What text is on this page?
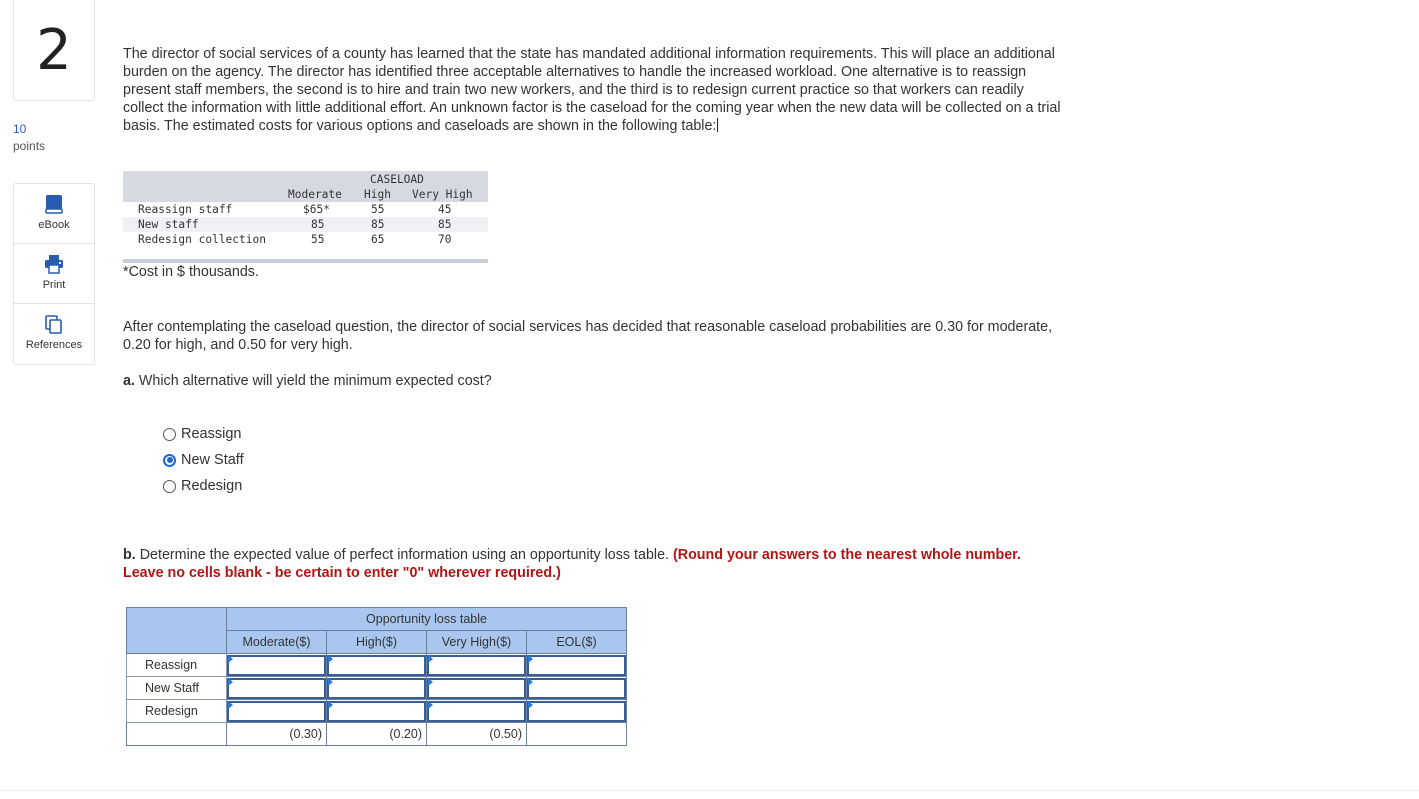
2
10
points
eBook
Print
References
The director of social services of a county has learned that the state has mandated additional information requirements. This will place an additional burden on the agency. The director has identified three acceptable alternatives to handle the increased workload. One alternative is to reassign present staff members, the second is to hire and train two new workers, and the third is to redesign current practice so that workers can readily collect the information with little additional effort. An unknown factor is the caseload for the coming year when the new data will be collected on a trial basis. The estimated costs for various options and caseloads are shown in the following table:
CASELOAD
Moderate High Very High
Reassign staff	$65*	55	45
New staff	85	85	85
Redesign collection	55	65	70
*Cost in $ thousands.
After contemplating the caseload question, the director of social services has decided that reasonable caseload probabilities are 0.30 for moderate, 0.20 for high, and 0.50 for very high.
a. Which alternative will yield the minimum expected cost?
Reassign
New Staff
Redesign
b. Determine the expected value of perfect information using an opportunity loss table. (Round your answers to the nearest whole number. Leave no cells blank - be certain to enter "0" wherever required.)
	Opportunity loss table			
	Moderate($)	High($)	Very High($)	EOL($)
Reassign	

New Staff	

Redesign	

	(0.30)	(0.20)	(0.50)	
